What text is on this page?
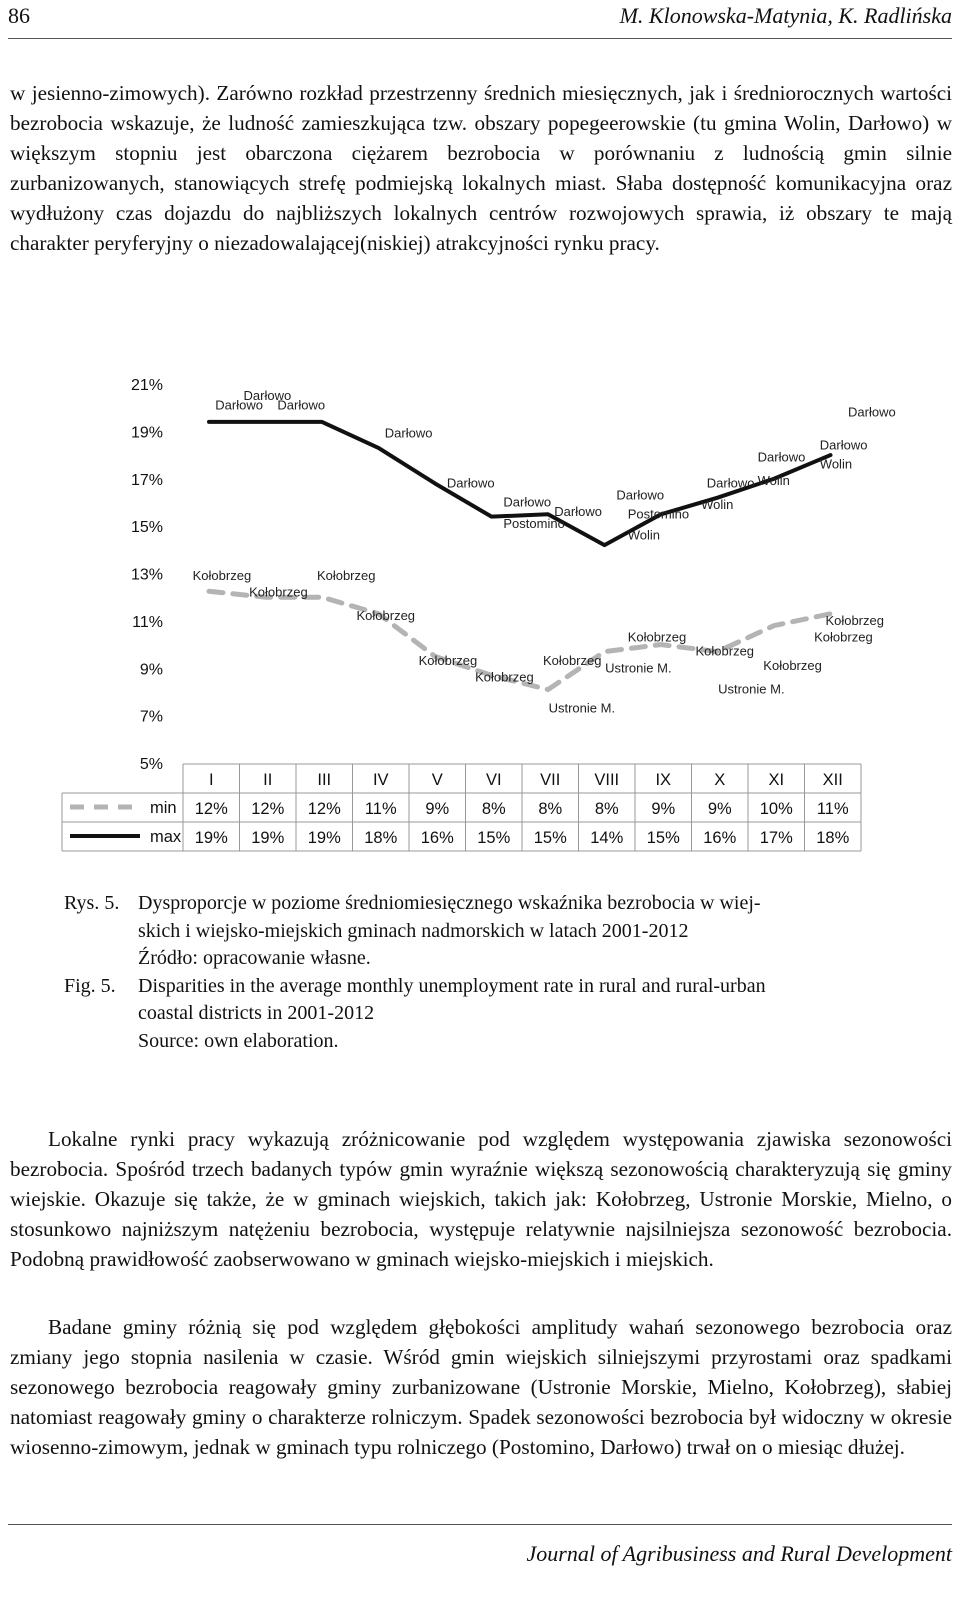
86	M. Klonowska-Matynia, K. Radlińska

w jesienno-zimowych). Zarówno rozkład przestrzenny średnich miesięcznych, jak i średniorocznych wartości bezrobocia wskazuje, że ludność zamieszkująca tzw. obszary popegeerowskie (tu gmina Wolin, Darłowo) w większym stopniu jest obarczona ciężarem bezrobocia w porównaniu z ludnością gmin silnie zurbanizowanych, stanowiących strefę podmiejską lokalnych miast. Słaba dostępność komunikacyjna oraz wydłużony czas dojazdu do najbliższych lokalnych centrów rozwojowych sprawia, iż obszary te mają charakter peryferyjny o niezadowalającej(niskiej) atrakcyjności rynku pracy.

21%
19%
17%
15%
13%
11%
9%
7%
5%
Darłowo
Darłowo
Darłowo
Darłowo
Darłowo
Darłowo
Postomino
Darłowo
Darłowo
Postomino
Wolin
Wolin
Darłowo Wolin
Darłowo Wolin
Darłowo
Darłowo
Kołobrzeg
Kołobrzeg
Kołobrzeg
Kołobrzeg
Kołobrzeg
Kołobrzeg
Kołobrzeg
Ustronie M.
Ustronie M.
Kołobrzeg
Kołobrzeg
Ustronie M.
Kołobrzeg
Kołobrzeg
Kołobrzeg
I	II	III	IV	V	VI VII VIII IX	X	XI XII
min 12% 12% 12% 11% 9% 8% 8% 8% 9% 9% 10% 11%
max 19% 19% 19% 18% 16% 15% 15% 14% 15% 16% 17% 18%
Rys. 5. Dysproporcje w poziome średniomiesięcznego wskaźnika bezrobocia w wiej-
skich i wiejsko-miejskich gminach nadmorskich w latach 2001-2012
Źródło: opracowanie własne.
Fig. 5.	Disparities in the average monthly unemployment rate in rural and rural-urban
coastal districts in 2001-2012
Source: own elaboration.

Lokalne rynki pracy wykazują zróżnicowanie pod względem występowania zjawiska sezonowości bezrobocia. Spośród trzech badanych typów gmin wyraźnie większą sezonowością charakteryzują się gminy wiejskie. Okazuje się także, że w gminach wiejskich, takich jak: Kołobrzeg, Ustronie Morskie, Mielno, o stosunkowo najniższym natężeniu bezrobocia, występuje relatywnie najsilniejsza sezonowość bezrobocia. Podobną prawidłowość zaobserwowano w gminach wiejsko-miejskich i miejskich.

Badane gminy różnią się pod względem głębokości amplitudy wahań sezonowego bezrobocia oraz zmiany jego stopnia nasilenia w czasie. Wśród gmin wiejskich silniejszymi przyrostami oraz spadkami sezonowego bezrobocia reagowały gminy zurbanizowane (Ustronie Morskie, Mielno, Kołobrzeg), słabiej natomiast reagowały gminy o charakterze rolniczym. Spadek sezonowości bezrobocia był widoczny w okresie wiosenno-zimowym, jednak w gminach typu rolniczego (Postomino, Darłowo) trwał on o miesiąc dłużej.

Journal of Agribusiness and Rural Development
